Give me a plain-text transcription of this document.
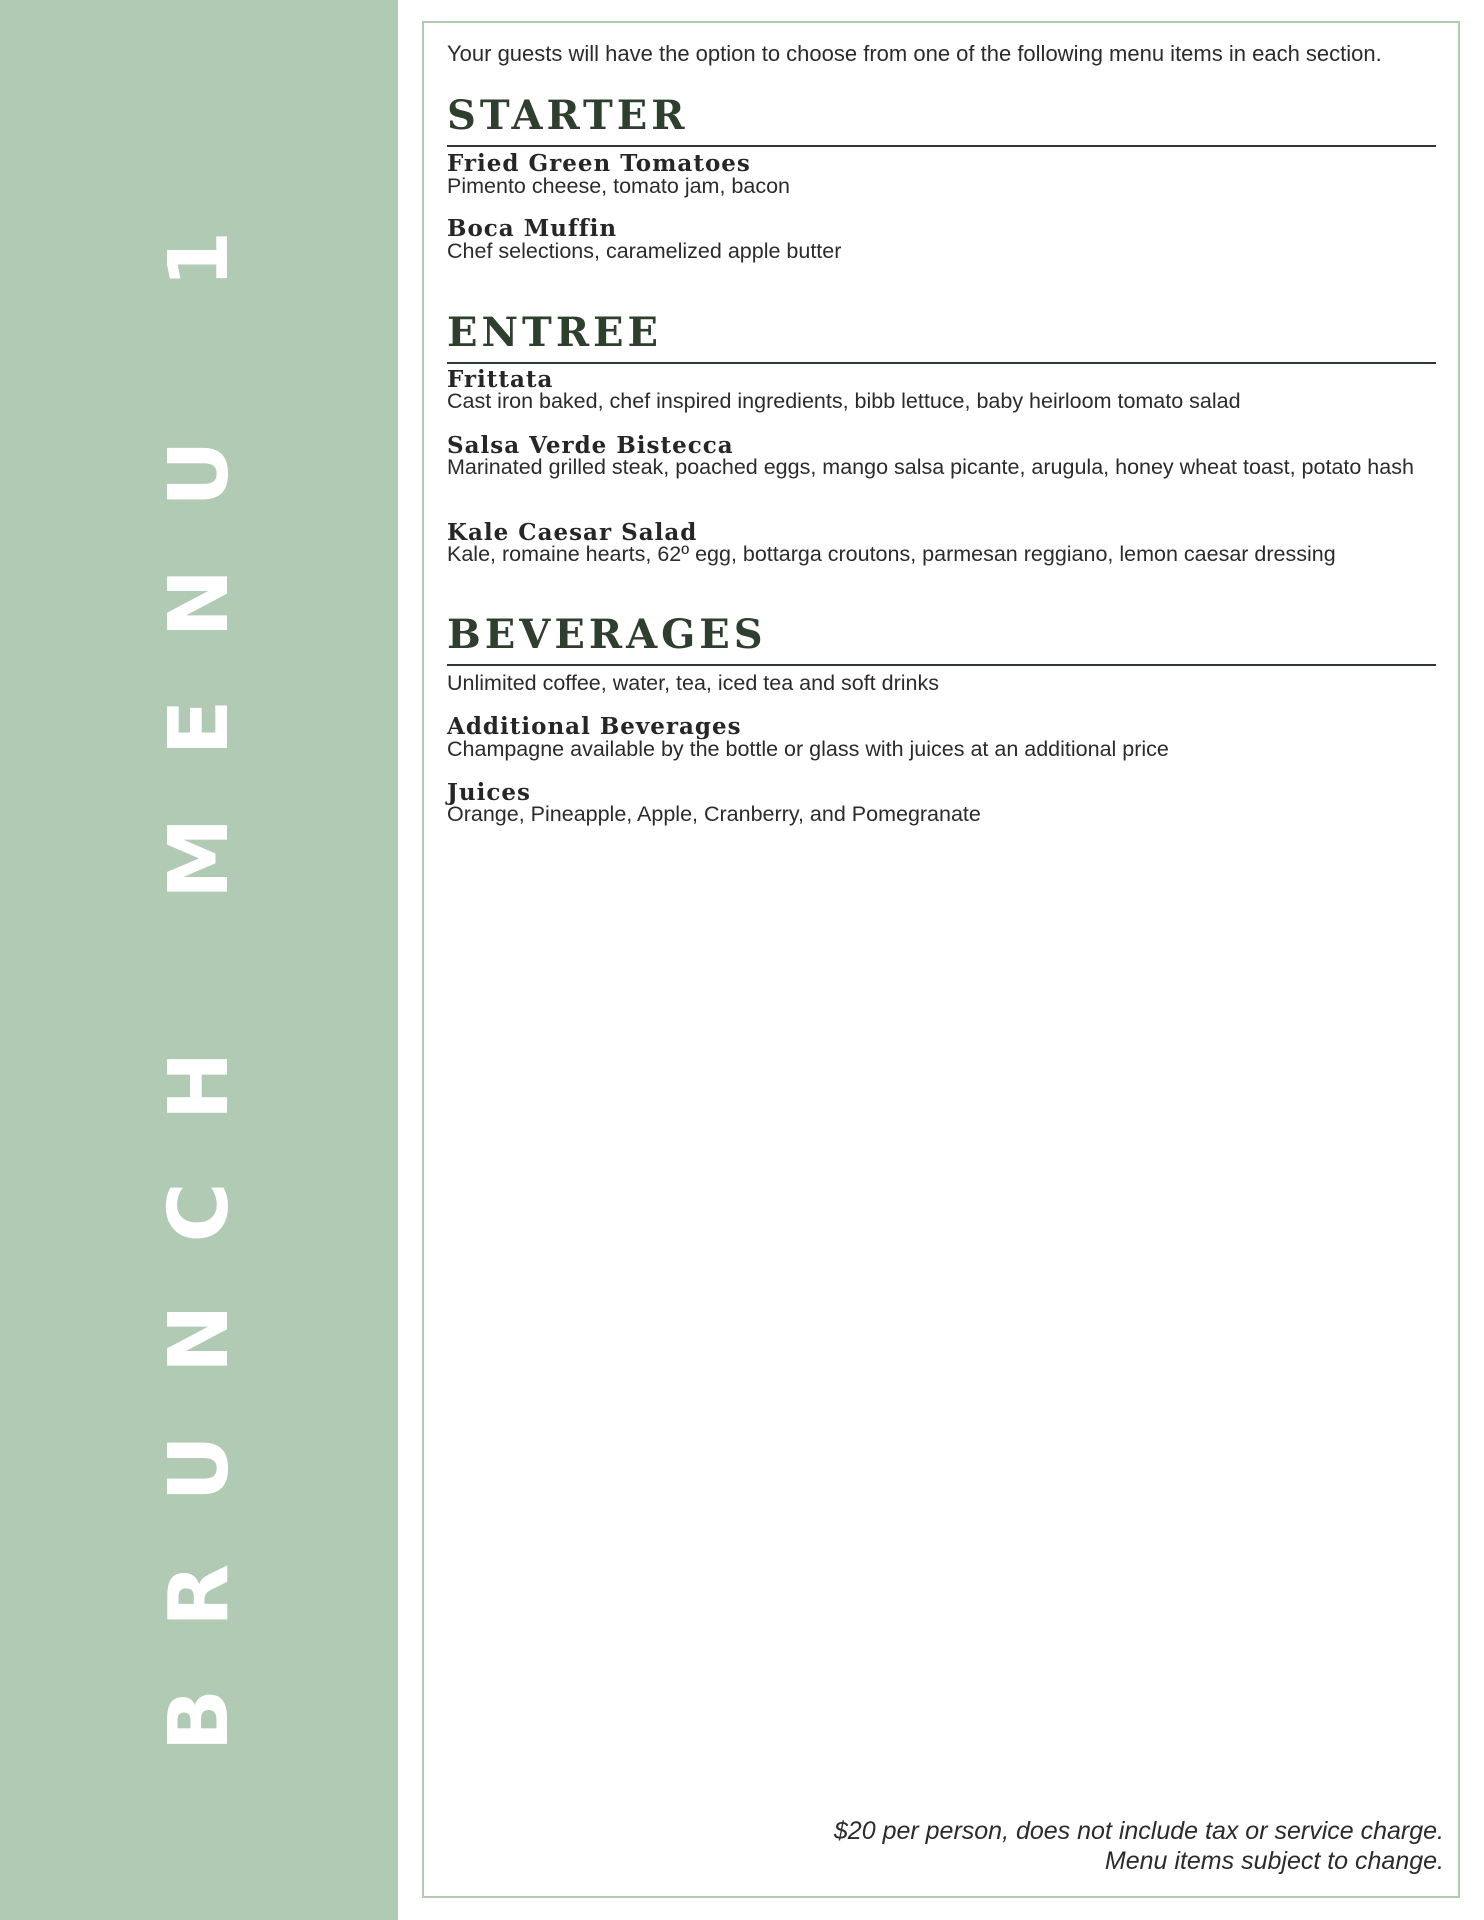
BRUNCH MENU 1
Your guests will have the option to choose from one of the following menu items in each section.
STARTER
Fried Green Tomatoes
Pimento cheese, tomato jam, bacon
Boca Muffin
Chef selections, caramelized apple butter
ENTREE
Frittata
Cast iron baked, chef inspired ingredients, bibb lettuce, baby heirloom tomato salad
Salsa Verde Bistecca
Marinated grilled steak, poached eggs, mango salsa picante, arugula, honey wheat toast, potato hash
Kale Caesar Salad
Kale, romaine hearts, 62º egg, bottarga croutons, parmesan reggiano, lemon caesar dressing
BEVERAGES
Unlimited coffee, water, tea, iced tea and soft drinks
Additional Beverages
Champagne available by the bottle or glass with juices at an additional price
Juices
Orange, Pineapple, Apple, Cranberry, and Pomegranate
$20 per person, does not include tax or service charge.
Menu items subject to change.
